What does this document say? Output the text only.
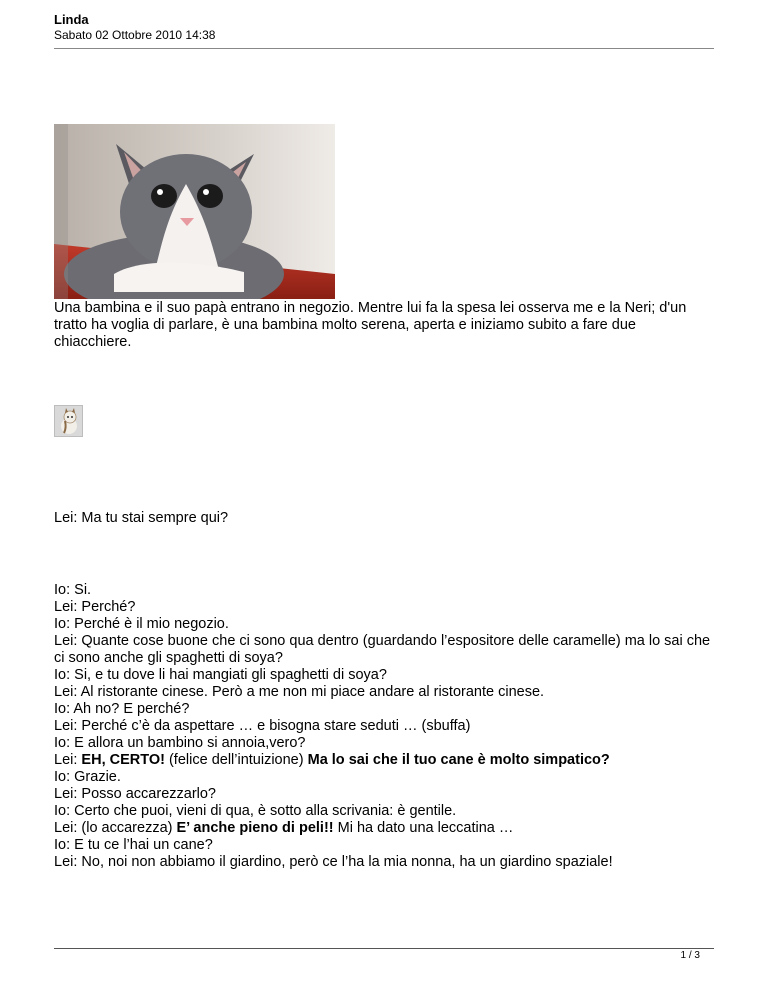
Linda
Sabato 02 Ottobre 2010 14:38
Una bambina e il suo papà entrano in negozio. Mentre lui fa la spesa lei osserva me e la Neri; d'un tratto ha voglia di parlare, è una bambina molto serena, aperta e iniziamo subito a fare due chiacchiere.
Lei: Ma tu stai sempre qui?

Io: Si.

Lei: Perché?

Io: Perché è il mio negozio.

Lei: Quante cose buone che ci sono qua dentro (guardando l’espositore delle caramelle) ma lo sai che ci sono anche gli spaghetti di soya?

Io: Si, e tu dove li hai mangiati gli spaghetti di soya?

Lei: Al ristorante cinese. Però a me non mi piace andare al ristorante cinese.

Io: Ah no? E perché?

Lei: Perché c’è da aspettare … e bisogna stare seduti … (sbuffa)

Io: E allora un bambino si annoia,vero?

Lei: EH, CERTO! (felice dell’intuizione) Ma lo sai che il tuo cane è molto simpatico?

Io: Grazie.

Lei: Posso accarezzarlo?

Io: Certo che puoi, vieni di qua, è sotto alla scrivania: è gentile.

Lei: (lo accarezza) E’ anche pieno di peli!! Mi ha dato una leccatina …

Io: E tu ce l’hai un cane?

Lei: No, noi non abbiamo il giardino, però ce l’ha la mia nonna, ha un giardino spaziale!

1 / 3
